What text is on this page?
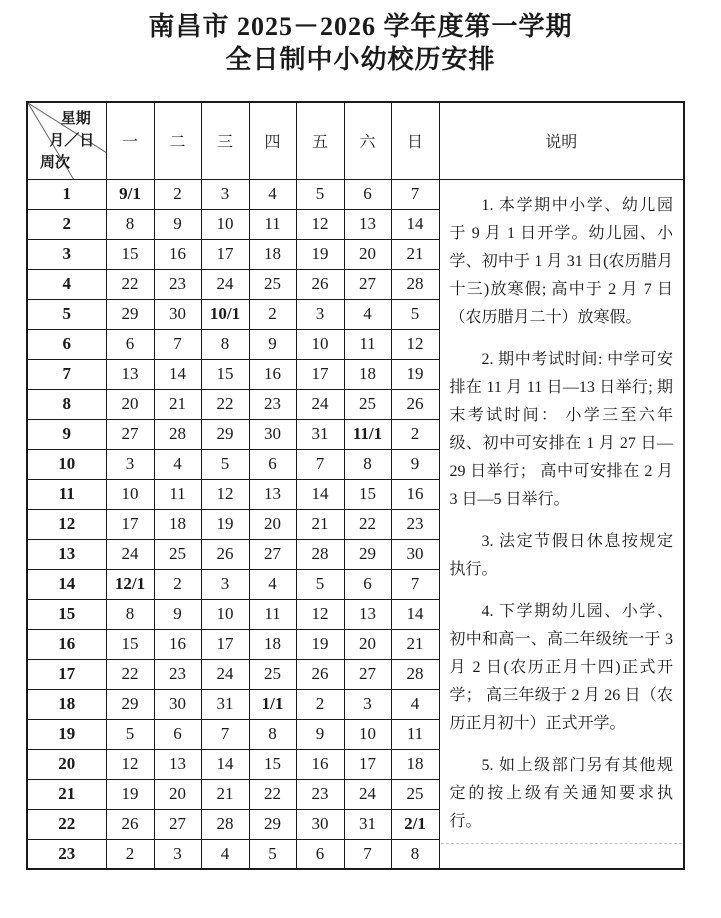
南昌市 2025－2026 学年度第一学期
全日制中小幼校历安排
星期
月／日
周次	一	二	三	四	五	六	日	说明
1	9/1	2	3	4	5	6	7	1. 本学期中小学、幼儿园于 9 月 1 日开学。幼儿园、小学、初中于 1 月 31 日(农历腊月十三)放寒假; 高中于 2 月 7 日（农历腊月二十）放寒假。

2. 期中考试时间: 中学可安排在 11 月 11 日—13 日举行; 期末考试时间： 小学三至六年级、初中可安排在 1 月 27 日—29 日举行； 高中可安排在 2 月 3 日—5 日举行。

3. 法定节假日休息按规定执行。

4. 下学期幼儿园、小学、初中和高一、高二年级统一于 3 月 2 日(农历正月十四)正式开学； 高三年级于 2 月 26 日（农历正月初十）正式开学。

5. 如上级部门另有其他规定的按上级有关通知要求执行。

2	8	9	10	11	12	13	14	
3	15	16	17	18	19	20	21	
4	22	23	24	25	26	27	28	
5	29	30	10/1	2	3	4	5	
6	6	7	8	9	10	11	12	
7	13	14	15	16	17	18	19	
8	20	21	22	23	24	25	26	
9	27	28	29	30	31	11/1	2	
10	3	4	5	6	7	8	9	
11	10	11	12	13	14	15	16	
12	17	18	19	20	21	22	23	
13	24	25	26	27	28	29	30	
14	12/1	2	3	4	5	6	7	
15	8	9	10	11	12	13	14	
16	15	16	17	18	19	20	21	
17	22	23	24	25	26	27	28	
18	29	30	31	1/1	2	3	4	
19	5	6	7	8	9	10	11	
20	12	13	14	15	16	17	18	
21	19	20	21	22	23	24	25	
22	26	27	28	29	30	31	2/1	
23	2	3	4	5	6	7	8	
